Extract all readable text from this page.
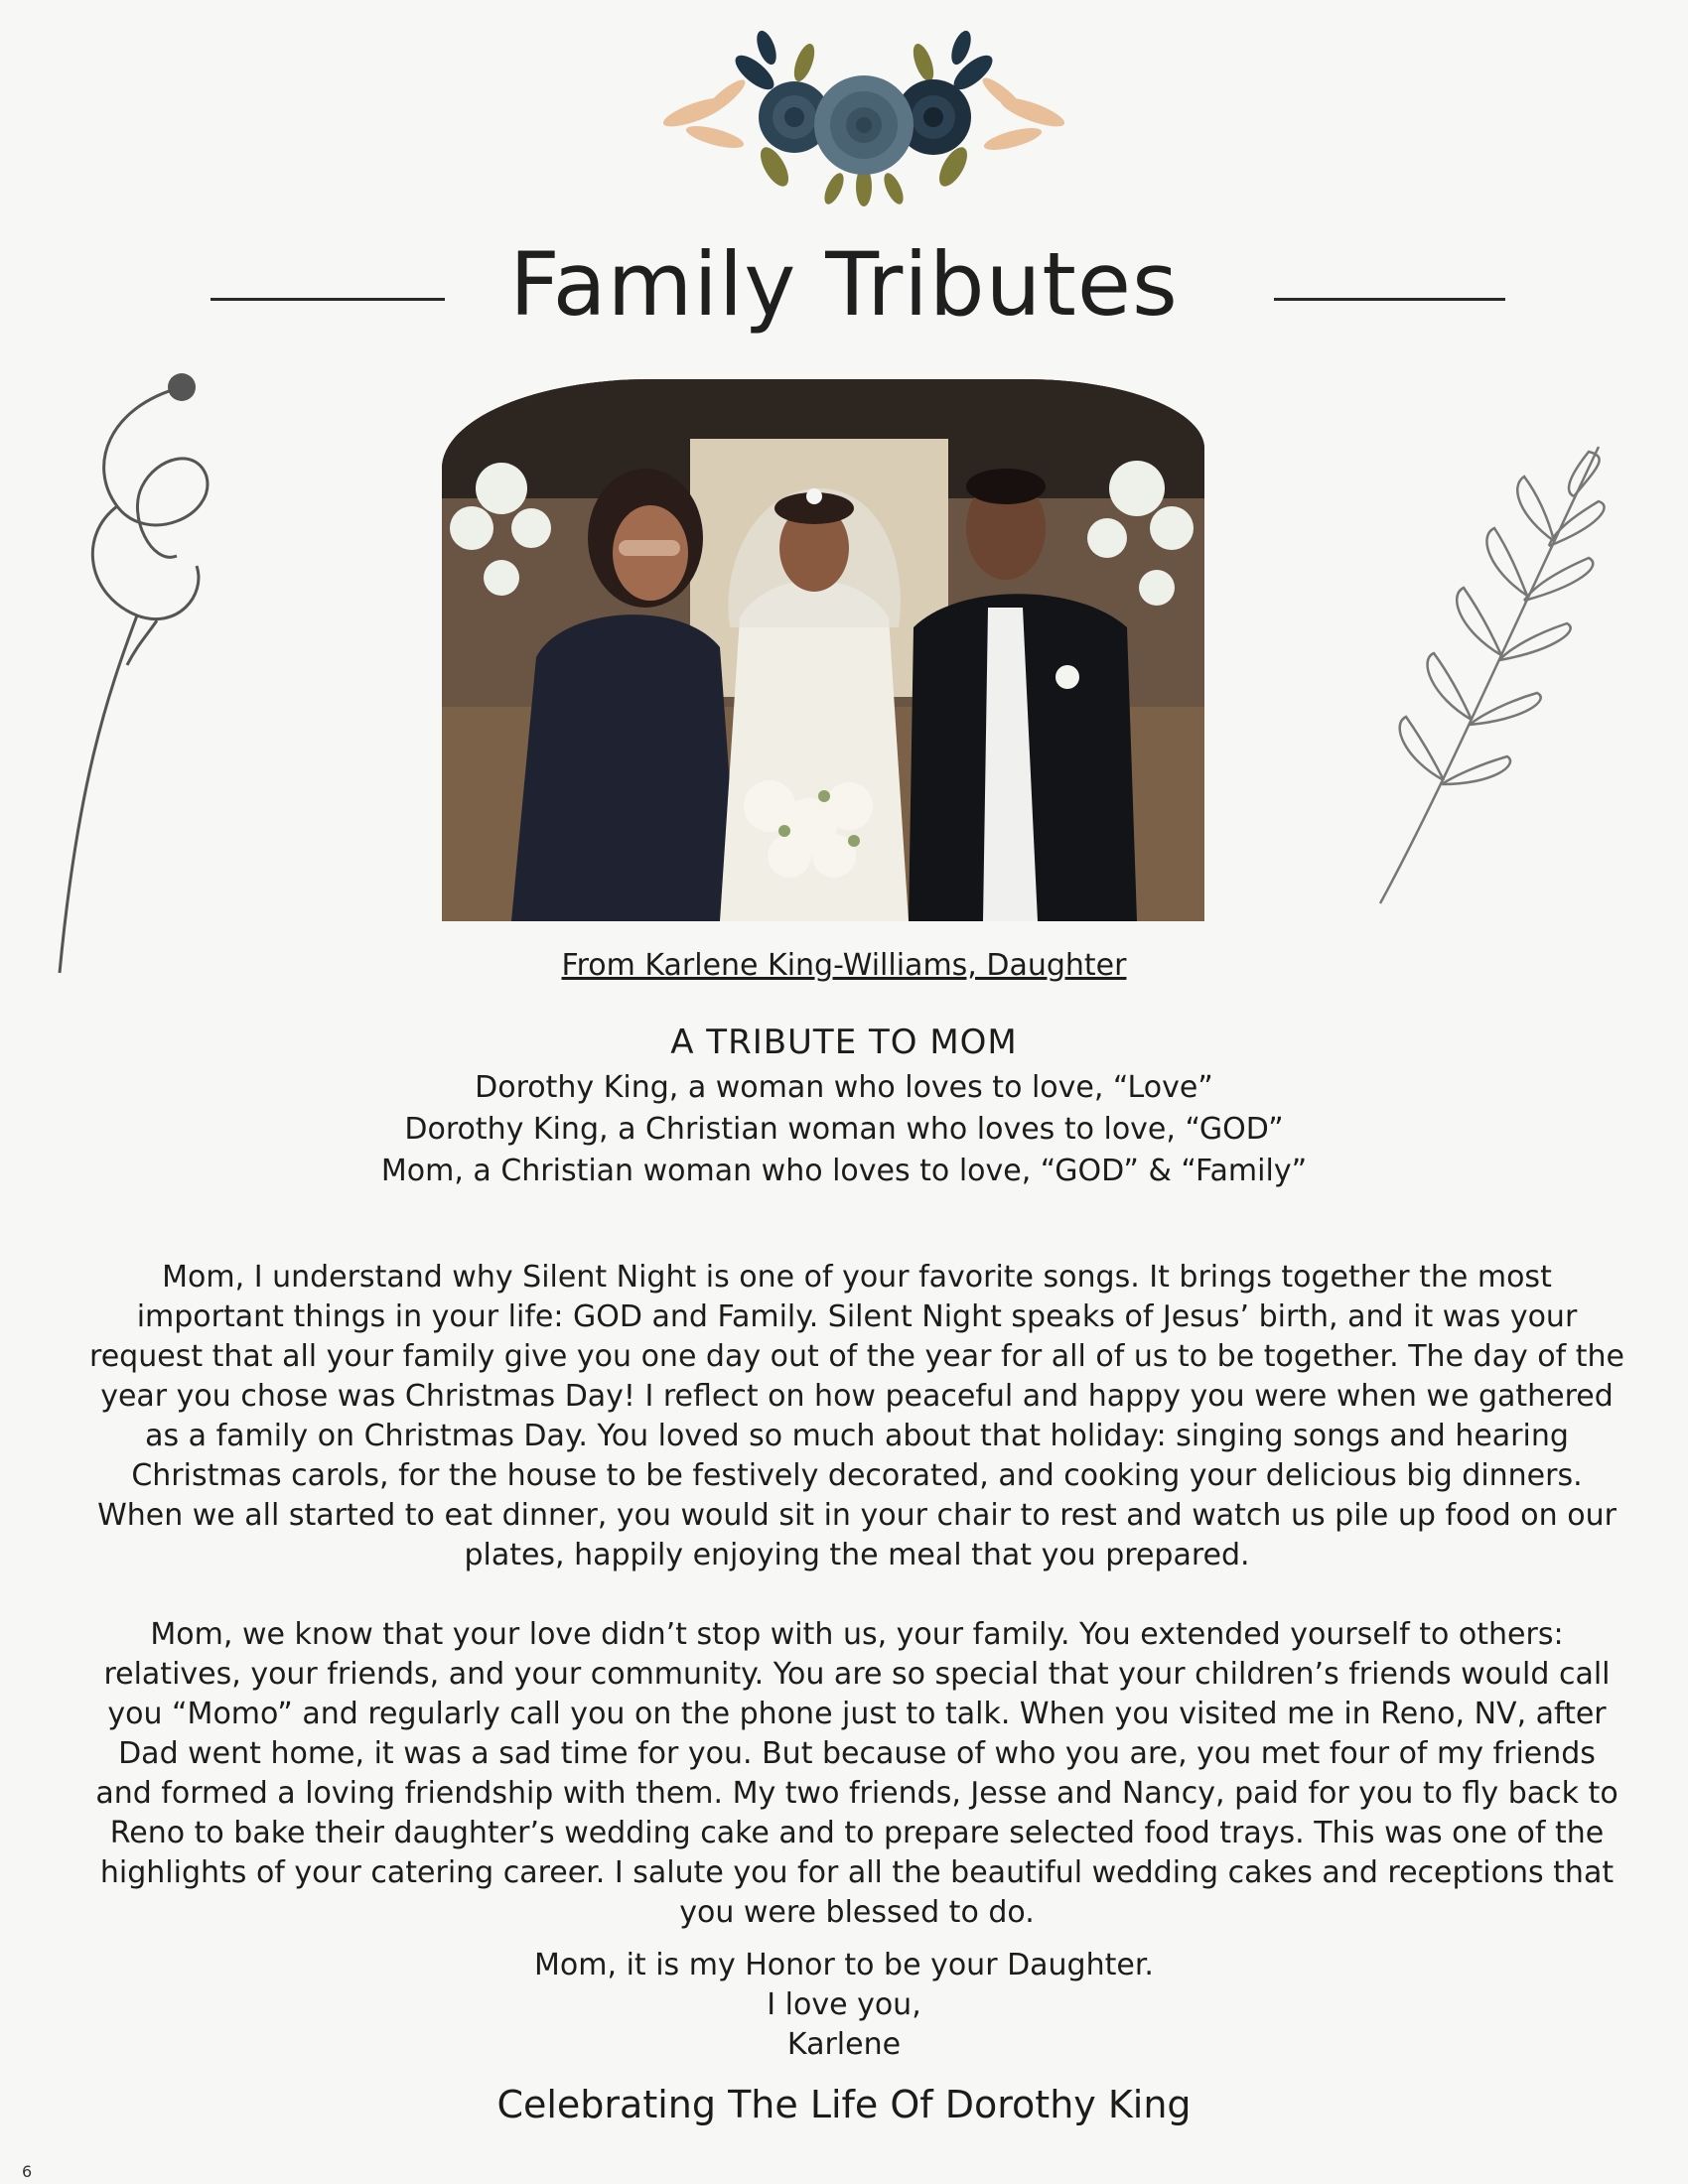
Family Tributes
From Karlene King-Williams, Daughter
A TRIBUTE TO MOM
Dorothy King, a woman who loves to love, “Love”
Dorothy King, a Christian woman who loves to love, “GOD”
Mom, a Christian woman who loves to love, “GOD” & “Family”

Mom, I understand why Silent Night is one of your favorite songs. It brings together the most important things in your life: GOD and Family. Silent Night speaks of Jesus’ birth, and it was your request that all your family give you one day out of the year for all of us to be together. The day of the year you chose was Christmas Day! I reflect on how peaceful and happy you were when we gathered as a family on Christmas Day. You loved so much about that holiday: singing songs and hearing Christmas carols, for the house to be festively decorated, and cooking your delicious big dinners. When we all started to eat dinner, you would sit in your chair to rest and watch us pile up food on our plates, happily enjoying the meal that you prepared.

Mom, we know that your love didn’t stop with us, your family. You extended yourself to others: relatives, your friends, and your community. You are so special that your children’s friends would call you “Momo” and regularly call you on the phone just to talk. When you visited me in Reno, NV, after Dad went home, it was a sad time for you. But because of who you are, you met four of my friends and formed a loving friendship with them. My two friends, Jesse and Nancy, paid for you to fly back to Reno to bake their daughter’s wedding cake and to prepare selected food trays. This was one of the highlights of your catering career. I salute you for all the beautiful wedding cakes and receptions that you were blessed to do.

Mom, it is my Honor to be your Daughter.
I love you,
Karlene
Celebrating The Life Of Dorothy King
6
